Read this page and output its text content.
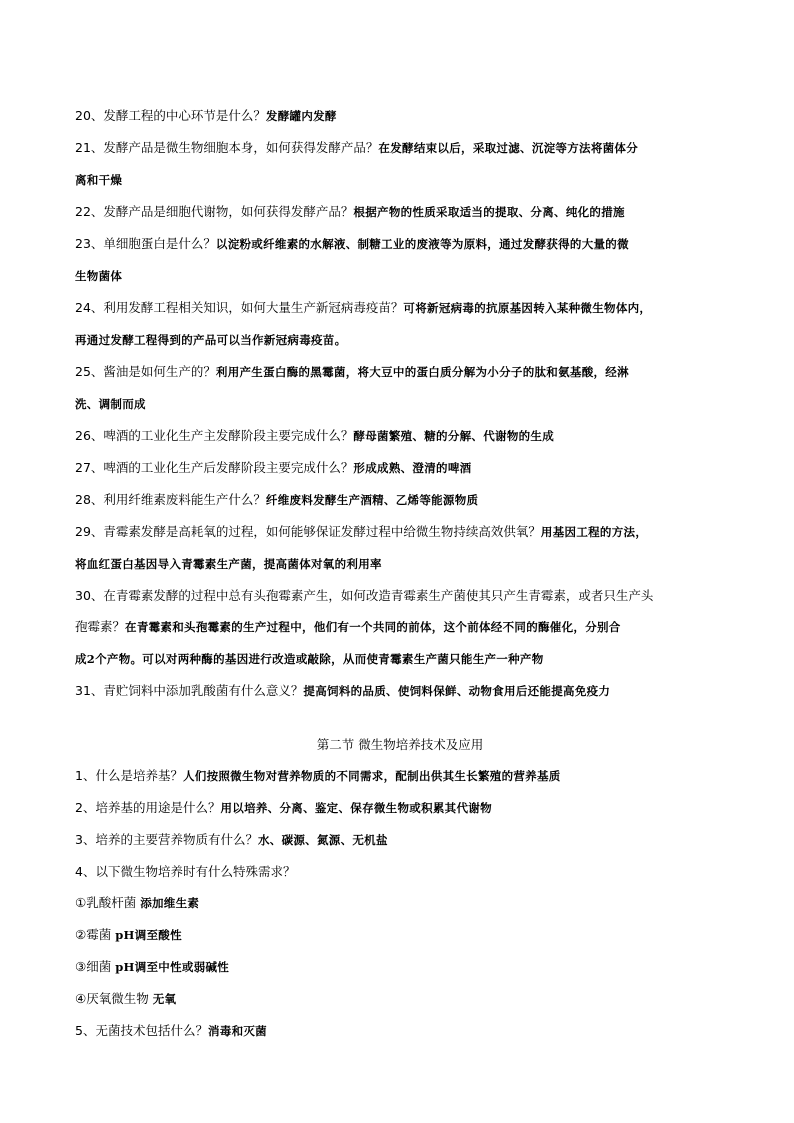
20、发酵工程的中心环节是什么？发酵罐内发酵
21、发酵产品是微生物细胞本身，如何获得发酵产品？在发酵结束以后，采取过滤、沉淀等方法将菌体分
离和干燥
22、发酵产品是细胞代谢物，如何获得发酵产品？根据产物的性质采取适当的提取、分离、纯化的措施
23、单细胞蛋白是什么？以淀粉或纤维素的水解液、制糖工业的废液等为原料，通过发酵获得的大量的微
生物菌体
24、利用发酵工程相关知识，如何大量生产新冠病毒疫苗？可将新冠病毒的抗原基因转入某种微生物体内，
再通过发酵工程得到的产品可以当作新冠病毒疫苗。
25、酱油是如何生产的？利用产生蛋白酶的黑霉菌，将大豆中的蛋白质分解为小分子的肽和氨基酸，经淋
洗、调制而成
26、啤酒的工业化生产主发酵阶段主要完成什么？酵母菌繁殖、糖的分解、代谢物的生成
27、啤酒的工业化生产后发酵阶段主要完成什么？形成成熟、澄清的啤酒
28、利用纤维素废料能生产什么？纤维废料发酵生产酒精、乙烯等能源物质
29、青霉素发酵是高耗氧的过程，如何能够保证发酵过程中给微生物持续高效供氧？用基因工程的方法，
将血红蛋白基因导入青霉素生产菌，提高菌体对氧的利用率
30、在青霉素发酵的过程中总有头孢霉素产生，如何改造青霉素生产菌使其只产生青霉素，或者只生产头
孢霉素？在青霉素和头孢霉素的生产过程中，他们有一个共同的前体，这个前体经不同的酶催化，分别合
成2个产物。可以对两种酶的基因进行改造或敲除，从而使青霉素生产菌只能生产一种产物
31、青贮饲料中添加乳酸菌有什么意义？提高饲料的品质、使饲料保鲜、动物食用后还能提高免疫力
第二节 微生物培养技术及应用
1、什么是培养基？人们按照微生物对营养物质的不同需求，配制出供其生长繁殖的营养基质
2、培养基的用途是什么？用以培养、分离、鉴定、保存微生物或积累其代谢物
3、培养的主要营养物质有什么？水、碳源、氮源、无机盐
4、以下微生物培养时有什么特殊需求？
①乳酸杆菌 添加维生素
②霉菌 pH调至酸性
③细菌 pH调至中性或弱碱性
④厌氧微生物 无氧
5、无菌技术包括什么？消毒和灭菌
